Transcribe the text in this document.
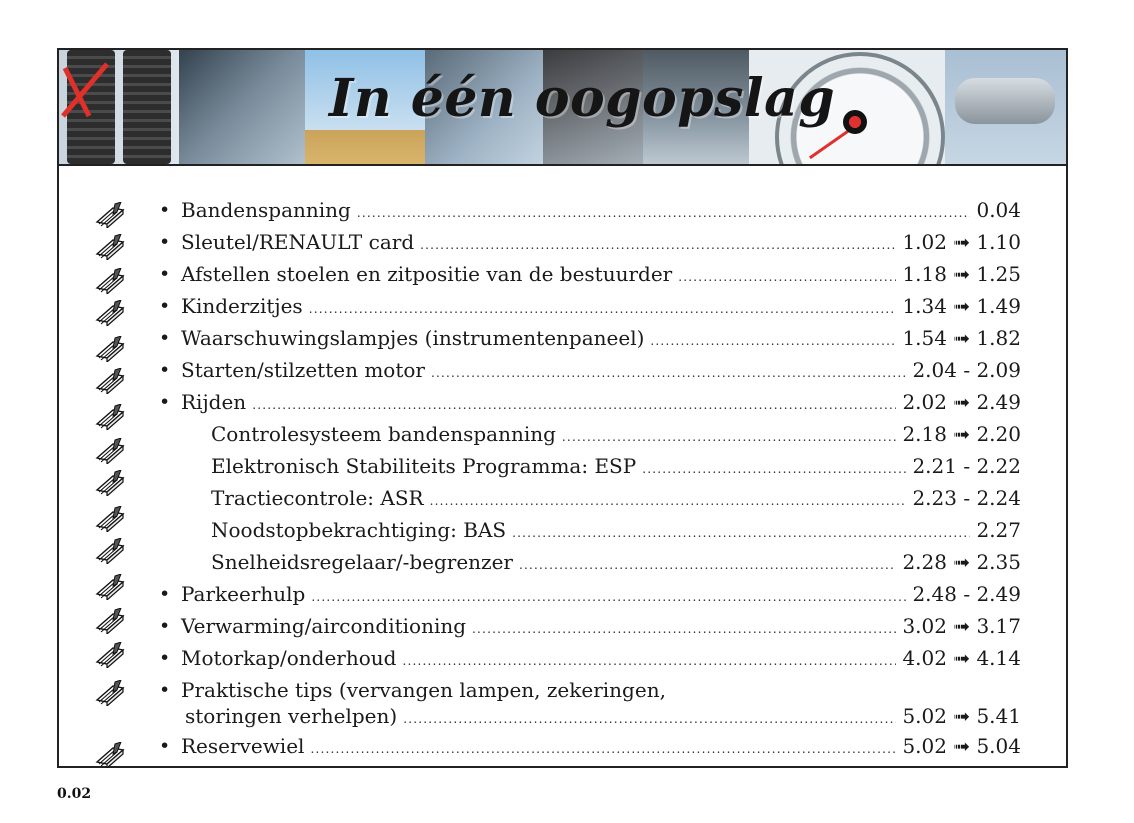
In één oogopslag
• Bandenspanning .....	0.04
• Sleutel/RENAULT card .....	1.02 ➟ 1.10
• Afstellen stoelen en zitpositie van de bestuurder .....	1.18 ➟ 1.25
• Kinderzitjes .....	1.34 ➟ 1.49
• Waarschuwingslampjes (instrumentenpaneel) .....	1.54 ➟ 1.82
• Starten/stilzetten motor .....	2.04 - 2.09
• Rijden .....	2.02 ➟ 2.49
Controlesysteem bandenspanning .....	2.18 ➟ 2.20
Elektronisch Stabiliteits Programma: ESP .....	2.21 - 2.22
Tractiecontrole: ASR .....	2.23 - 2.24
Noodstopbekrachtiging: BAS .....	2.27
Snelheidsregelaar/-begrenzer .....	2.28 ➟ 2.35
• Parkeerhulp .....	2.48 - 2.49
• Verwarming/airconditioning .....	3.02 ➟ 3.17
• Motorkap/onderhoud .....	4.02 ➟ 4.14
• Praktische tips (vervangen lampen, zekeringen,
storingen verhelpen) .....	5.02 ➟ 5.41
• Reservewiel .....	5.02 ➟ 5.04

0.02
